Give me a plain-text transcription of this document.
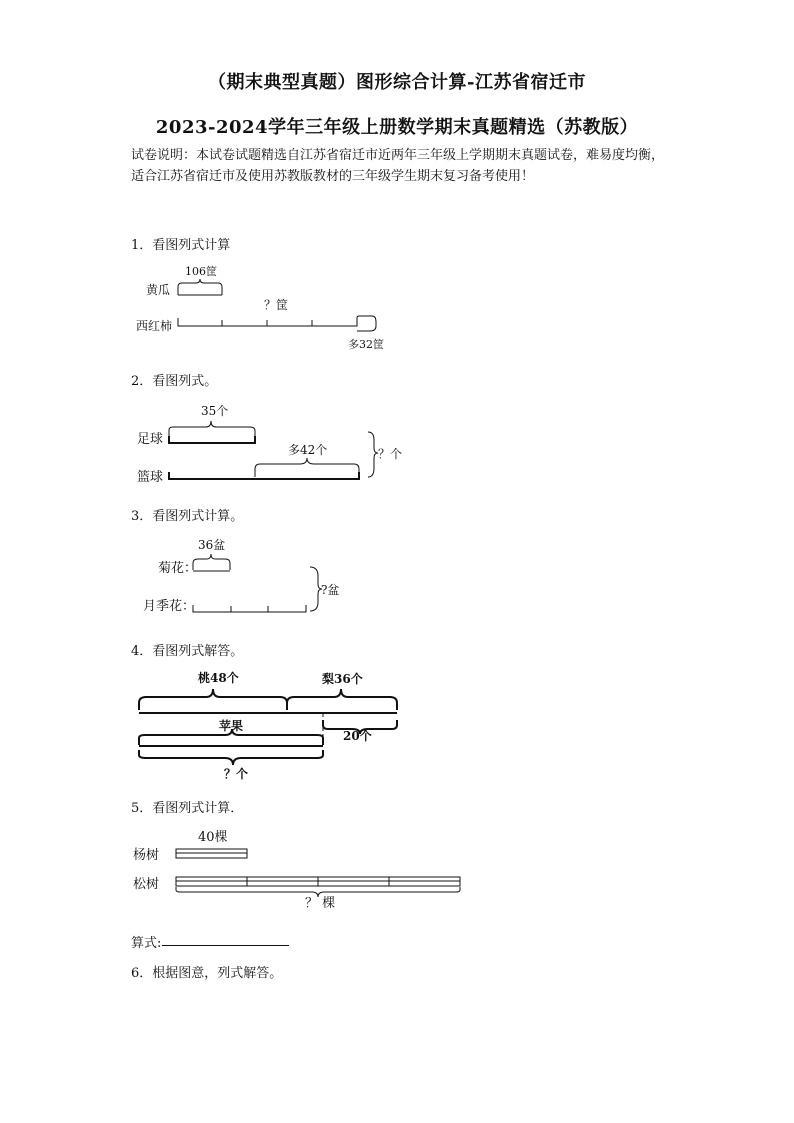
（期末典型真题）图形综合计算-江苏省宿迁市
2023-2024学年三年级上册数学期末真题精选（苏教版）
试卷说明：本试卷试题精选自江苏省宿迁市近两年三年级上学期期末真题试卷，难易度均衡，适合江苏省宿迁市及使用苏教版教材的三年级学生期末复习备考使用！
1．看图列式计算
2．看图列式。
3．看图列式计算。
4．看图列式解答。
5．看图列式计算．
算式:
6．根据图意，列式解答。
黄瓜
西红柿
106筐
？筐
多32筐
35个
足球
多42个
篮球
？个
36盆
菊花：
月季花：
?盆
桃48个	梨36个
20个
苹果
？个
40棵
杨树
松树
？ 棵
